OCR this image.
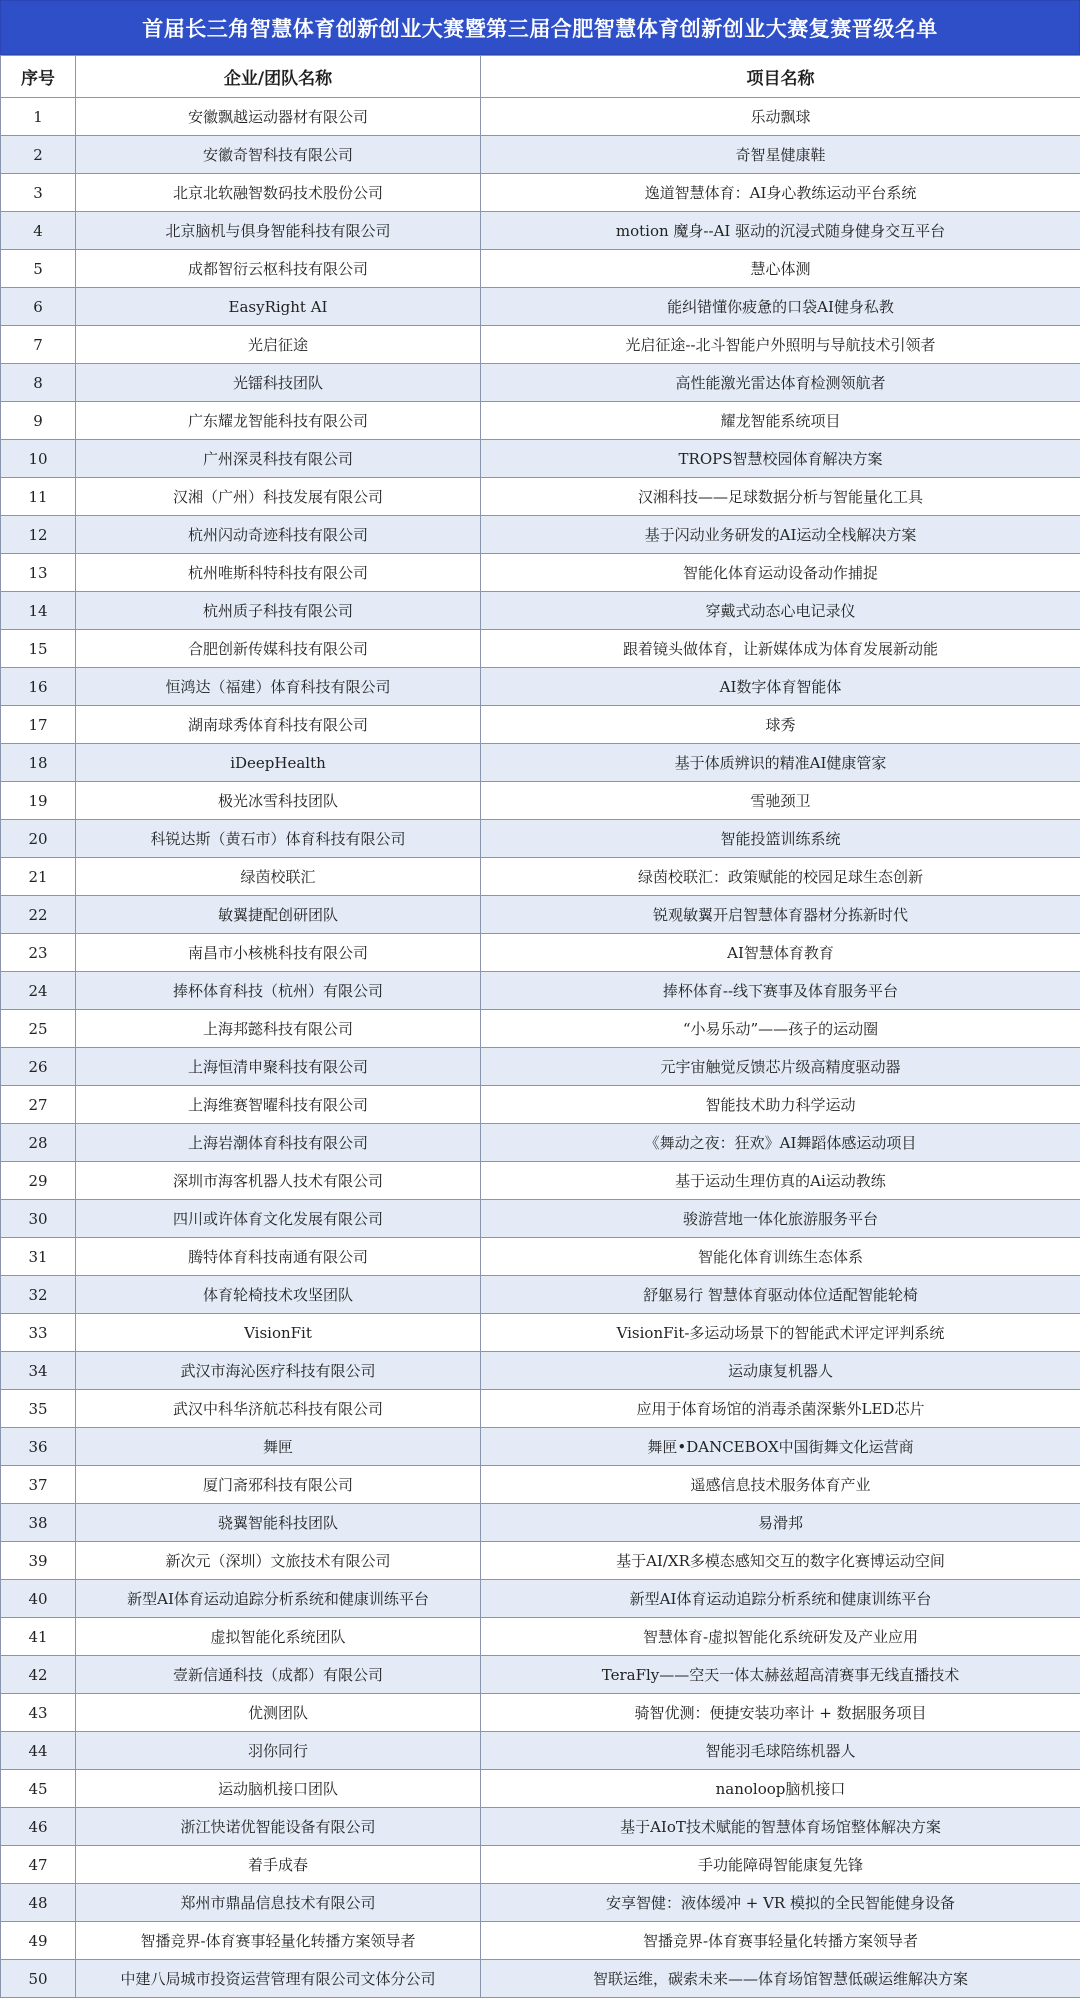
首届长三角智慧体育创新创业大赛暨第三届合肥智慧体育创新创业大赛复赛晋级名单
序号	企业/团队名称	项目名称
1	安徽飘越运动器材有限公司	乐动飘球
2	安徽奇智科技有限公司	奇智星健康鞋
3	北京北软融智数码技术股份公司	逸道智慧体育：AI身心教练运动平台系统
4	北京脑机与俱身智能科技有限公司	motion 魔身--AI 驱动的沉浸式随身健身交互平台
5	成都智衍云枢科技有限公司	慧心体测
6	EasyRight AI	能纠错懂你疲惫的口袋AI健身私教
7	光启征途	光启征途--北斗智能户外照明与导航技术引领者
8	光镭科技团队	高性能激光雷达体育检测领航者
9	广东耀龙智能科技有限公司	耀龙智能系统项目
10	广州深灵科技有限公司	TROPS智慧校园体育解决方案
11	汉湘（广州）科技发展有限公司	汉湘科技——足球数据分析与智能量化工具
12	杭州闪动奇迹科技有限公司	基于闪动业务研发的AI运动全栈解决方案
13	杭州唯斯科特科技有限公司	智能化体育运动设备动作捕捉
14	杭州质子科技有限公司	穿戴式动态心电记录仪
15	合肥创新传媒科技有限公司	跟着镜头做体育，让新媒体成为体育发展新动能
16	恒鸿达（福建）体育科技有限公司	AI数字体育智能体
17	湖南球秀体育科技有限公司	球秀
18	iDeepHealth	基于体质辨识的精准AI健康管家
19	极光冰雪科技团队	雪驰颈卫
20	科锐达斯（黄石市）体育科技有限公司	智能投篮训练系统
21	绿茵校联汇	绿茵校联汇：政策赋能的校园足球生态创新
22	敏翼捷配创研团队	锐观敏翼开启智慧体育器材分拣新时代
23	南昌市小核桃科技有限公司	AI智慧体育教育
24	捧杯体育科技（杭州）有限公司	捧杯体育--线下赛事及体育服务平台
25	上海邦懿科技有限公司	“小易乐动”——孩子的运动圈
26	上海恒清申聚科技有限公司	元宇宙触觉反馈芯片级高精度驱动器
27	上海维赛智曜科技有限公司	智能技术助力科学运动
28	上海岩潮体育科技有限公司	《舞动之夜：狂欢》AI舞蹈体感运动项目
29	深圳市海客机器人技术有限公司	基于运动生理仿真的Ai运动教练
30	四川或许体育文化发展有限公司	骏游营地一体化旅游服务平台
31	腾特体育科技南通有限公司	智能化体育训练生态体系
32	体育轮椅技术攻坚团队	舒躯易行 智慧体育驱动体位适配智能轮椅
33	VisionFit	VisionFit-多运动场景下的智能武术评定评判系统
34	武汉市海沁医疗科技有限公司	运动康复机器人
35	武汉中科华济航芯科技有限公司	应用于体育场馆的消毒杀菌深紫外LED芯片
36	舞匣	舞匣•DANCEBOX中国街舞文化运营商
37	厦门斋邪科技有限公司	遥感信息技术服务体育产业
38	骁翼智能科技团队	易滑邦
39	新次元（深圳）文旅技术有限公司	基于AI/XR多模态感知交互的数字化赛博运动空间
40	新型AI体育运动追踪分析系统和健康训练平台	新型AI体育运动追踪分析系统和健康训练平台
41	虚拟智能化系统团队	智慧体育-虚拟智能化系统研发及产业应用
42	壹新信通科技（成都）有限公司	TeraFly——空天一体太赫兹超高清赛事无线直播技术
43	优测团队	骑智优测：便捷安装功率计 + 数据服务项目
44	羽你同行	智能羽毛球陪练机器人
45	运动脑机接口团队	nanoloop脑机接口
46	浙江快诺优智能设备有限公司	基于AIoT技术赋能的智慧体育场馆整体解决方案
47	着手成春	手功能障碍智能康复先锋
48	郑州市鼎晶信息技术有限公司	安享智健：液体缓冲 + VR 模拟的全民智能健身设备
49	智播竞界-体育赛事轻量化转播方案领导者	智播竞界-体育赛事轻量化转播方案领导者
50	中建八局城市投资运营管理有限公司文体分公司	智联运维，碳索未来——体育场馆智慧低碳运维解决方案
